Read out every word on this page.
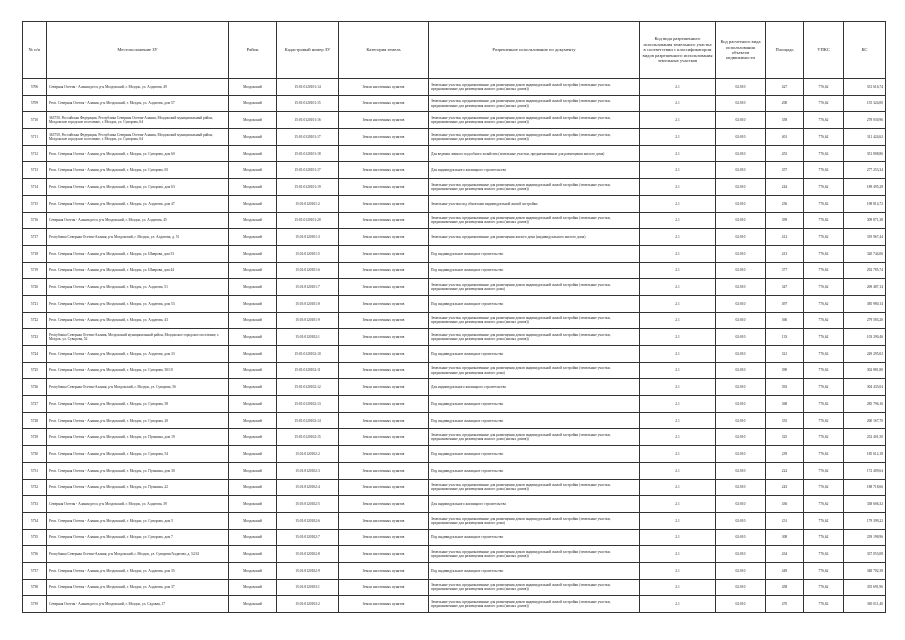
№ п/п	Местоположение ЗУ	Район	Кадастровый номер ЗУ	Категория земель	Разрешенное использование по документу	Код вида разрешенного использования земельного участка в соответствии с классификатором видов разрешенного использования земельных участков	Код расчетного вида использования объектов недвижимости	Площадь	УПКС	КС
5706	Северная Осетия - Алания респ, р-н Моздокский, г. Моздок, ул. Алдатова, 49	Моздокский	15:01:0120101:14	Земли населенных пунктов	Земельные участки, предназначенные для размещения домов индивидуальной жилой застройки (земельные участки, предназначенные для размещения жилого дома (жилых домов))	2.1	02:010	427	776,62	331 616,74
5709	Респ. Северная Осетия - Алания, р-н Моздокский, г. Моздок, ул. Алдатова, дом 57	Моздокский	15:01:0120101:15	Земли населенных пунктов	Земельные участки, предназначенные для размещения домов индивидуальной жилой застройки (земельные участки, предназначенные для размещения жилого дома (жилых домов))	2.1	02:010	200	776,62	155 324,00
5710	363750, Российская Федерация, Республика Северная Осетия-Алания, Моздокский муниципальный район, Моздокское городское поселение, г. Моздок, ул. Суворова, 64	Моздокский	15:01:0120101:16	Земли населенных пунктов	Земельные участки, предназначенные для размещения домов индивидуальной жилой застройки (земельные участки, предназначенные для размещения жилого дома (жилых домов))	2.1	02:010	358	776,62	278 030,96
5711	363750, Российская Федерация, Республика Северная Осетия-Алания, Моздокский муниципальный район, Моздокское городское поселение, г. Моздок, ул. Суворова, 64	Моздокский	15:01:0120101:17	Земли населенных пунктов	Земельные участки, предназначенные для размещения домов индивидуальной жилой застройки (земельные участки, предназначенные для размещения жилого дома (жилых домов))	2.1	02:010	401	776,62	311 424,62
5712	Респ. Северная Осетия - Алания, р-н Моздокский, г. Моздок, ул. Суворова, дом 60	Моздокский	15:01:0120101:18	Земли населенных пунктов	Для ведения личного подсобного хозяйства (земельные участки, предназначенные для размещения жилого дома)	2.1	02:010	453	776,62	351 808,86
5713	Респ. Северная Осетия - Алания, р-н Моздокский, г. Моздок, ул. Суворова, 65	Моздокский	15:01:0120101:17	Земли населенных пунктов	Для индивидуального жилищного строительства	2.1	02:010	357	776,62	277 253,34
5714	Респ. Северная Осетия - Алания, р-н Моздокский, г. Моздок, ул. Суворова, дом 63	Моздокский	15:01:0120101:19	Земли населенных пунктов	Земельные участки, предназначенные для размещения домов индивидуальной жилой застройки (земельные участки, предназначенные для размещения жилого дома (жилых домов))	2.1	02:010	244	776,62	189 495,28
5715	Респ. Северная Осетия - Алания, р-н Моздокский, г. Моздок, ул. Алдатова, дом 47	Моздокский	15:01:0120101:2	Земли населенных пунктов	Земельные участки под объектами индивидуальной жилой застройки	2.1	02:010	256	776,62	198 814,72
5716	Северная Осетия - Алания респ, р-н Моздокский, г. Моздок, ул. Алдатова, 45	Моздокский	15:01:0120101:20	Земли населенных пунктов	Земельные участки, предназначенные для размещения домов индивидуальной жилой застройки (земельные участки, предназначенные для размещения жилого дома (жилых домов))	2.1	02:010	399	776,62	309 871,38
5717	Республика Северная Осетия-Алания, р-н Моздокский, г. Моздок, ул. Алдатова, д. 51	Моздокский	15:01:0120101:3	Земли населенных пунктов	Земельные участки, предназначенные для размещения жилого дома (индивидуального жилого дома)	2.1	02:010	412	776,62	319 967,44
5718	Респ. Северная Осетия - Алания, р-н Моздокский, г. Моздок, ул. Шаврова, дом 53	Моздокский	15:01:0120101:5	Земли населенных пунктов	Под индивидуальное жилищное строительство	2.1	02:010	413	776,62	320 744,06
5719	Респ. Северная Осетия - Алания, р-н Моздокский, г. Моздок, ул. Шаврова, дом 44	Моздокский	15:01:0120101:6	Земли населенных пунктов	Под индивидуальное жилищное строительство	2.1	02:010	377	776,62	292 785,74
5720	Респ. Северная Осетия - Алания, р-н Моздокский, г. Моздок, ул. Алдатова, 51	Моздокский	15:01:0120101:7	Земли населенных пунктов	Земельные участки, предназначенные для размещения домов индивидуальной жилой застройки (земельные участки, предназначенные для размещения жилого дома)	2.1	02:010	347	776,62	269 487,14
5721	Респ. Северная Осетия - Алания, р-н Моздокский, г. Моздок, ул. Алдатова, дом 53	Моздокский	15:01:0120101:8	Земли населенных пунктов	Под индивидуальное жилищное строительство	2.1	02:010	497	776,62	385 980,14
5722	Респ. Северная Осетия - Алания, р-н Моздокский, г. Моздок, ул. Алдатова, 43	Моздокский	15:01:0120101:9	Земли населенных пунктов	Земельные участки, предназначенные для размещения домов индивидуальной жилой застройки (земельные участки, предназначенные для размещения жилого дома (жилых домов))	2.1	02:010	360	776,62	279 583,20
5723	Республика Северная Осетия-Алания, Моздокский муниципальный район, Моздокское городское поселение, г. Моздок, ул. Суворова, 52	Моздокский	15:01:0120102:1	Земли населенных пунктов	Земельные участки, предназначенные для размещения домов индивидуальной жилой застройки (земельные участки, предназначенные для размещения жилого дома (жилых домов))	2.1	02:010	133	776,62	103 290,46
5724	Респ. Северная Осетия - Алания, р-н Моздокский, г. Моздок, ул. Алдатова, дом 33	Моздокский	15:01:0120102:10	Земли населенных пунктов	Под индивидуальное жилищное строительство	2.1	02:010	321	776,62	249 295,02
5725	Респ. Северная Осетия - Алания, р-н Моздокский, г. Моздок, ул. Суворова, 50/10	Моздокский	15:01:0120102:11	Земли населенных пунктов	Земельные участки, предназначенные для размещения домов индивидуальной жилой застройки (земельные участки, предназначенные для размещения жилого дома)	2.1	02:010	390	776,62	302 881,80
5726	Республика Северная Осетия-Алания, р-н Моздокский, г. Моздок, ул. Суворова, 56	Моздокский	15:01:0120102:12	Земли населенных пунктов	Для индивидуального жилищного строительства	2.1	02:010	392	776,62	304 435,04
5727	Респ. Северная Осетия - Алания, р-н Моздокский, г. Моздок, ул. Суворова, 58	Моздокский	15:01:0120102:13	Земли населенных пунктов	Под индивидуальное жилищное строительство	2.1	02:010	368	776,62	285 796,16
5728	Респ. Северная Осетия - Алания, р-н Моздокский, г. Моздок, ул. Суворова, 20	Моздокский	15:01:0120102:14	Земли населенных пунктов	Под индивидуальное жилищное строительство	2.1	02:010	335	776,62	260 167,70
5729	Респ. Северная Осетия - Алания, р-н Моздокский, г. Моздок, ул. Пушкина, дом 19	Моздокский	15:01:0120102:15	Земли населенных пунктов	Земельные участки, предназначенные для размещения домов индивидуальной жилой застройки (земельные участки, предназначенные для размещения жилого дома (жилых домов))	2.1	02:010	325	776,62	252 401,50
5730	Респ. Северная Осетия - Алания, р-н Моздокский, г. Моздок, ул. Суворова, 54	Моздокский	15:01:0120102:2	Земли населенных пунктов	Под индивидуальное жилищное строительство	2.1	02:010	239	776,62	185 612,18
5731	Респ. Северная Осетия - Алания, р-н Моздокский, г. Моздок, ул. Пушкина, дом 30	Моздокский	15:01:0120102:3	Земли населенных пунктов	Под индивидуальное жилищное строительство	2.1	02:010	222	776,62	172 409,64
5732	Респ. Северная Осетия - Алания, р-н Моздокский, г. Моздок, ул. Пушкина, 22	Моздокский	15:01:0120102:4	Земли населенных пунктов	Земельные участки, предназначенные для размещения домов индивидуальной жилой застройки (земельные участки, предназначенные для размещения жилого дома (жилых домов))	2.1	02:010	243	776,62	188 718,66
5733	Северная Осетия - Алания респ, р-н Моздокский, г. Моздок, ул. Алдатова, 39	Моздокский	15:01:0120102:5	Земли населенных пунктов	Для индивидуального жилищного строительства	2.1	02:010	436	776,62	338 606,32
5734	Респ. Северная Осетия - Алания, р-н Моздокский, г. Моздок, ул. Суворова, дом 5	Моздокский	15:01:0120102:6	Земли населенных пунктов	Земельные участки, предназначенные для размещения домов индивидуальной жилой застройки (земельные участки, предназначенные для размещения жилого дома)	2.1	02:010	231	776,62	179 399,22
5735	Респ. Северная Осетия - Алания, р-н Моздокский, г. Моздок, ул. Суворова, дом 7	Моздокский	15:01:0120102:7	Земли населенных пунктов	Под индивидуальное жилищное строительство	2.1	02:010	308	776,62	239 198,96
5736	Республика Северная Осетия-Алания, р-н Моздокский, г. Моздок, ул. Суворова/Алдатова, д. 52/41	Моздокский	15:01:0120102:8	Земли населенных пунктов	Земельные участки, предназначенные для размещения домов индивидуальной жилой застройки (земельные участки, предназначенные для размещения жилого дома (жилых домов))	2.1	02:010	434	776,62	337 053,08
5737	Респ. Северная Осетия - Алания, р-н Моздокский, г. Моздок, ул. Алдатова, дом 35	Моздокский	15:01:0120102:9	Земли населенных пунктов	Под индивидуальное жилищное строительство	2.1	02:010	449	776,62	348 702,38
5738	Респ. Северная Осетия - Алания, р-н Моздокский, г. Моздок, ул. Алдатова, дом 37	Моздокский	15:01:0120103:1	Земли населенных пунктов	Земельные участки, предназначенные для размещения домов индивидуальной жилой застройки (земельные участки, предназначенные для размещения жилого дома (жилых домов))	2.1	02:010	458	776,62	355 691,96
5739	Северная Осетия - Алания респ, р-н Моздокский, г. Моздок, ул. Садовая, 17	Моздокский	15:01:0120103:2	Земли населенных пунктов	Земельные участки, предназначенные для размещения домов индивидуальной жилой застройки (земельные участки, предназначенные для размещения жилого дома (жилых домов))	2.1	02:010	470	776,62	365 011,40
